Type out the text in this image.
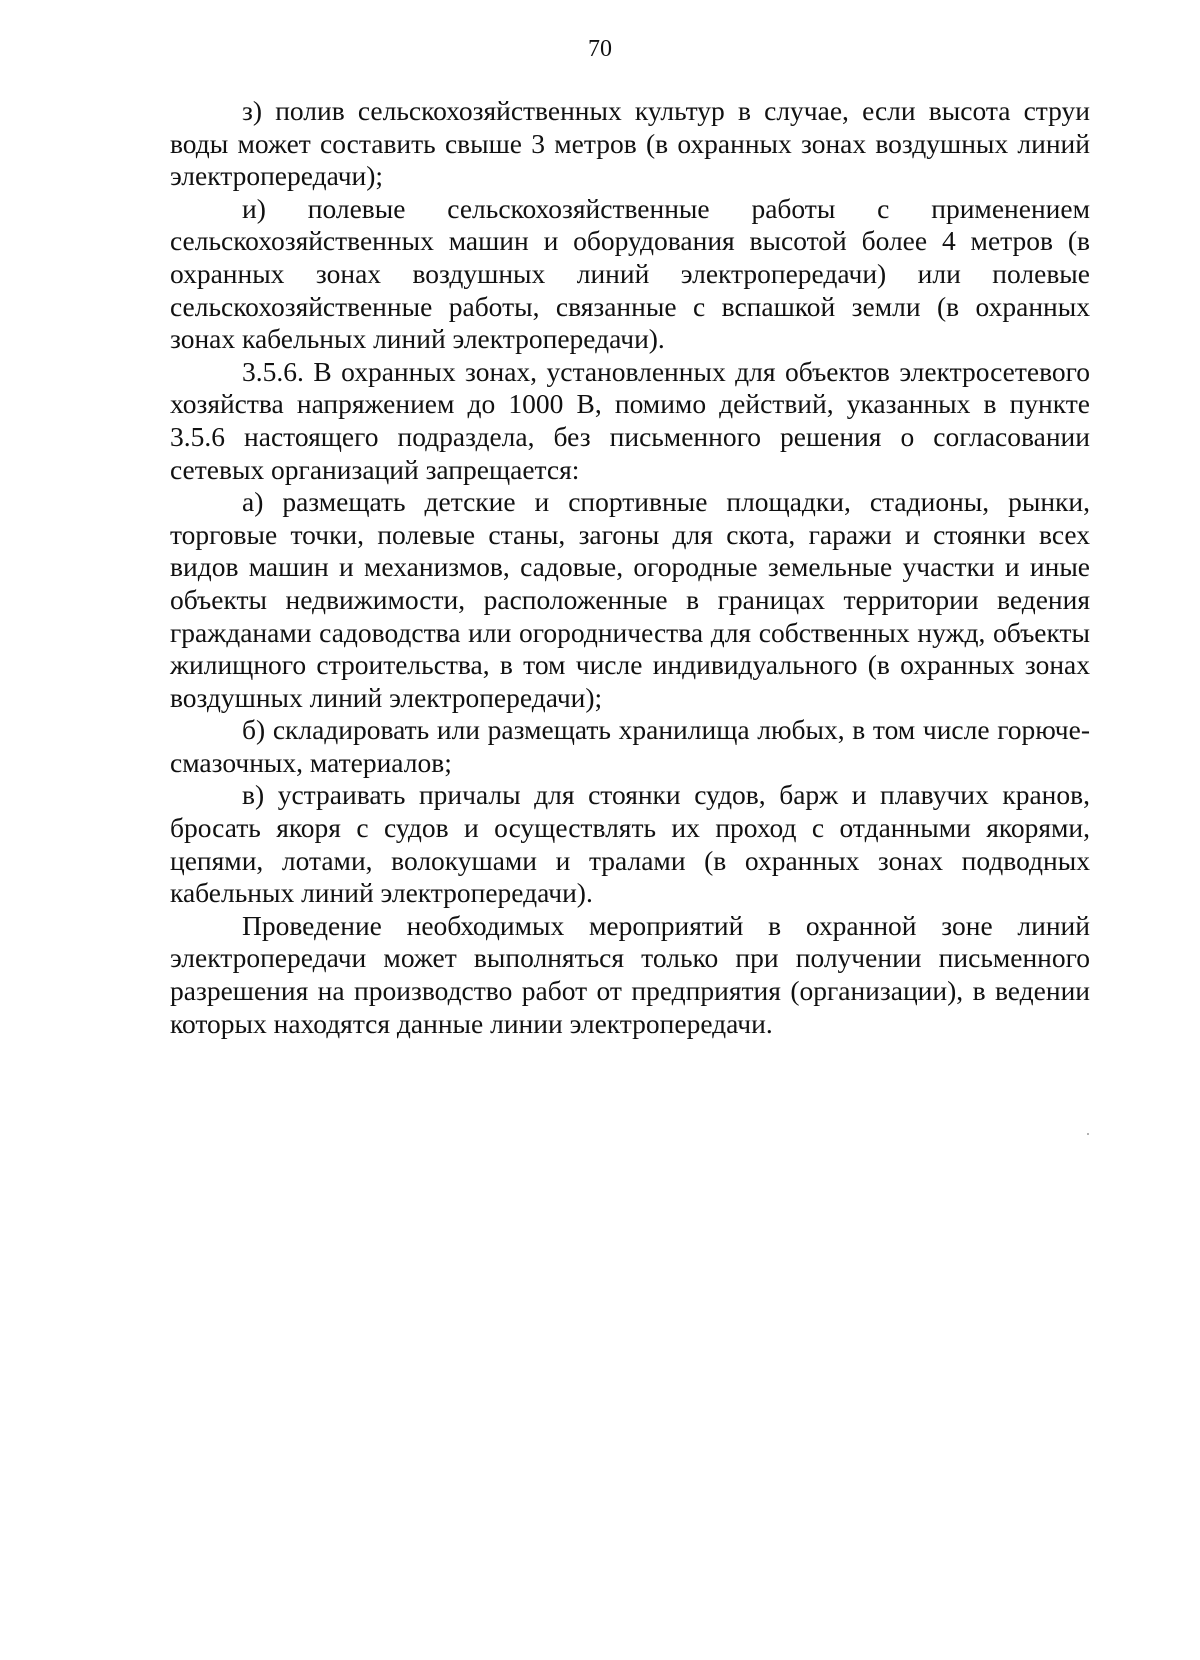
70

з) полив сельскохозяйственных культур в случае, если высота струи воды может составить свыше 3 метров (в охранных зонах воздушных линий электропередачи);

и) полевые сельскохозяйственные работы с применением сельскохозяйственных машин и оборудования высотой более 4 метров (в охранных зонах воздушных линий электропередачи) или полевые сельскохозяйственные работы, связанные с вспашкой земли (в охранных зонах кабельных линий электропередачи).

3.5.6. В охранных зонах, установленных для объектов электросетевого хозяйства напряжением до 1000 В, помимо действий, указанных в пункте 3.5.6 настоящего подраздела, без письменного решения о согласовании сетевых организаций запрещается:

а) размещать детские и спортивные площадки, стадионы, рынки, торговые точки, полевые станы, загоны для скота, гаражи и стоянки всех видов машин и механизмов, садовые, огородные земельные участки и иные объекты недвижимости, расположенные в границах территории ведения гражданами садоводства или огородничества для собственных нужд, объекты жилищного строительства, в том числе индивидуального (в охранных зонах воздушных линий электропередачи);

б) складировать или размещать хранилища любых, в том числе горюче-смазочных, материалов;

в) устраивать причалы для стоянки судов, барж и плавучих кранов, бросать якоря с судов и осуществлять их проход с отданными якорями, цепями, лотами, волокушами и тралами (в охранных зонах подводных кабельных линий электропередачи).

Проведение необходимых мероприятий в охранной зоне линий электропередачи может выполняться только при получении письменного разрешения на производство работ от предприятия (организации), в ведении которых находятся данные линии электропередачи.
